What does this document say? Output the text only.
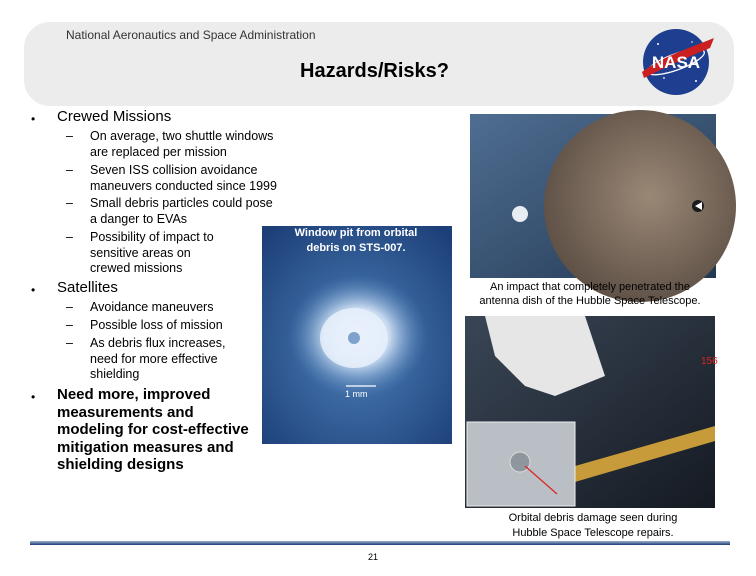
National Aeronautics and Space Administration
Hazards/Risks?	NASA
• Crewed Missions
–	On average, two shuttle windows
are replaced per mission
–	Seven ISS collision avoidance
maneuvers conducted since 1999
–	Small debris particles could pose
a danger to EVAs
–	Possibility of impact to
sensitive areas on
crewed missions
• Satellites
–	Avoidance maneuvers
–	Possible loss of mission
–	As debris flux increases,
need for more effective
shielding
• Need more, improved
measurements and
modeling for cost-effective
mitigation measures and
shielding designs
Window pit from orbital
debris on STS-007.
1 mm
An impact that completely penetrated the
antenna dish of the Hubble Space Telescope.
156
Orbital debris damage seen during
Hubble Space Telescope repairs.
21
